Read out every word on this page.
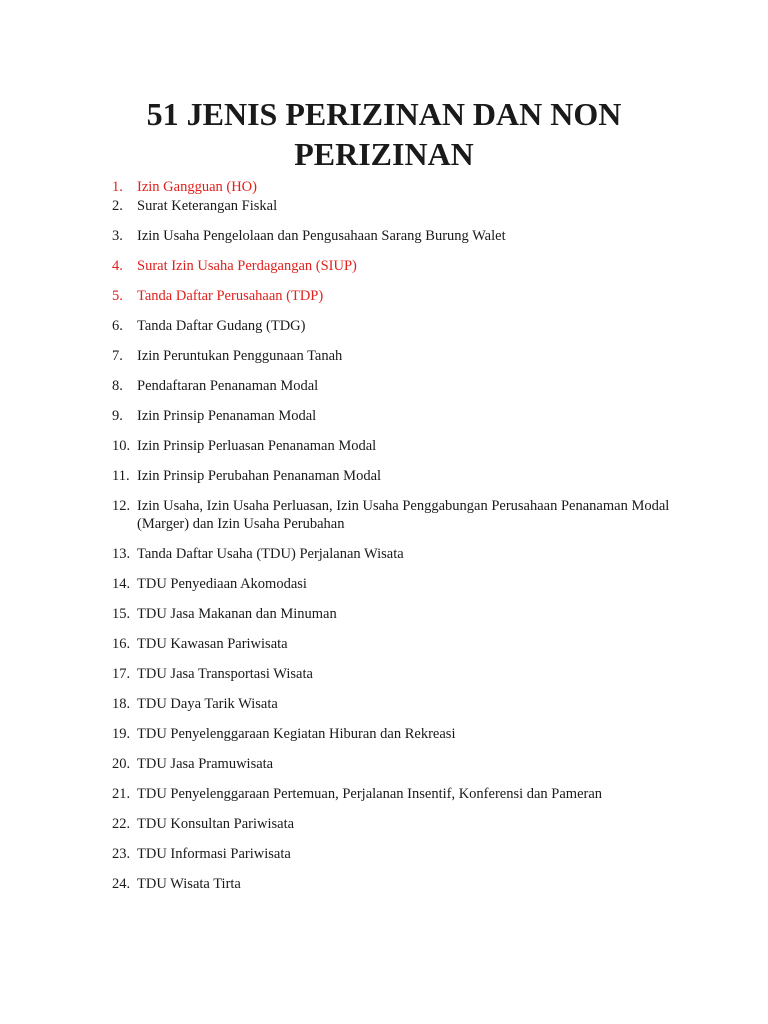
51 JENIS PERIZINAN DAN NON
PERIZINAN
1. Izin Gangguan (HO)
2. Surat Keterangan Fiskal
3. Izin Usaha Pengelolaan dan Pengusahaan Sarang Burung Walet
4. Surat Izin Usaha Perdagangan (SIUP)
5. Tanda Daftar Perusahaan (TDP)
6. Tanda Daftar Gudang (TDG)
7. Izin Peruntukan Penggunaan Tanah
8. Pendaftaran Penanaman Modal
9. Izin Prinsip Penanaman Modal
10. Izin Prinsip Perluasan Penanaman Modal
11. Izin Prinsip Perubahan Penanaman Modal
12. Izin Usaha, Izin Usaha Perluasan, Izin Usaha Penggabungan Perusahaan Penanaman Modal (Marger) dan Izin Usaha Perubahan
13. Tanda Daftar Usaha (TDU) Perjalanan Wisata
14. TDU Penyediaan Akomodasi
15. TDU Jasa Makanan dan Minuman
16. TDU Kawasan Pariwisata
17. TDU Jasa Transportasi Wisata
18. TDU Daya Tarik Wisata
19. TDU Penyelenggaraan Kegiatan Hiburan dan Rekreasi
20. TDU Jasa Pramuwisata
21. TDU Penyelenggaraan Pertemuan, Perjalanan Insentif, Konferensi dan Pameran
22. TDU Konsultan Pariwisata
23. TDU Informasi Pariwisata
24. TDU Wisata Tirta
